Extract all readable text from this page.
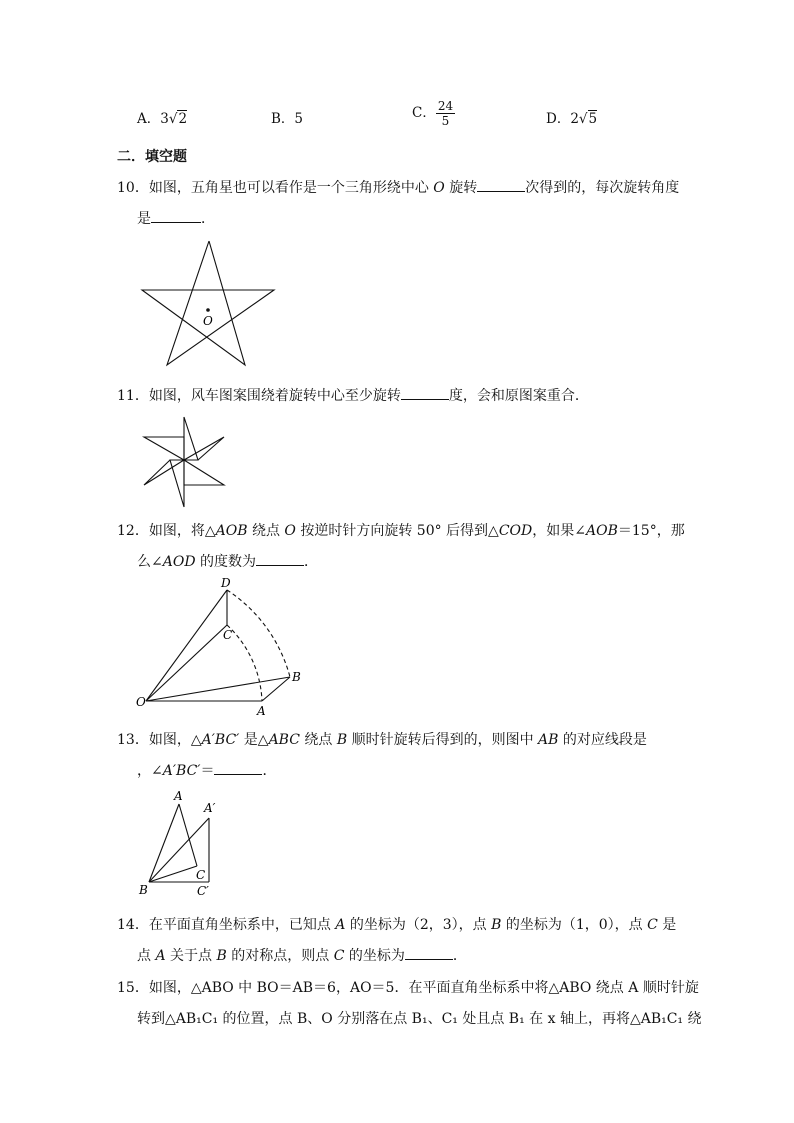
A．3√2	B．5	C． $\frac{24}{5}$	D．2√5
二．填空题
10．如图，五角星也可以看作是一个三角形绕中心 O 旋转	次得到的，每次旋转角度
是	．
O
11．如图，风车图案围绕着旋转中心至少旋转	度，会和原图案重合．
12．如图，将△AOB 绕点 O 按逆时针方向旋转 50° 后得到△COD，如果∠AOB＝15°，那
么∠AOD 的度数为	．
D
C
B
O
A
13．如图，△A′BC′ 是△ABC 绕点 B 顺时针旋转后得到的，则图中 AB 的对应线段是
，∠A′BC′＝	．
A
A′
C
B	C′
14．在平面直角坐标系中，已知点 A 的坐标为（2，3），点 B 的坐标为（1，0），点 C 是
点 A 关于点 B 的对称点，则点 C 的坐标为	．
15．如图，△ABO 中 BO＝AB＝6，AO＝5．在平面直角坐标系中将△ABO 绕点 A 顺时针旋
转到△AB₁C₁ 的位置，点 B、O 分别落在点 B₁、C₁ 处且点 B₁ 在 x 轴上，再将△AB₁C₁ 绕
